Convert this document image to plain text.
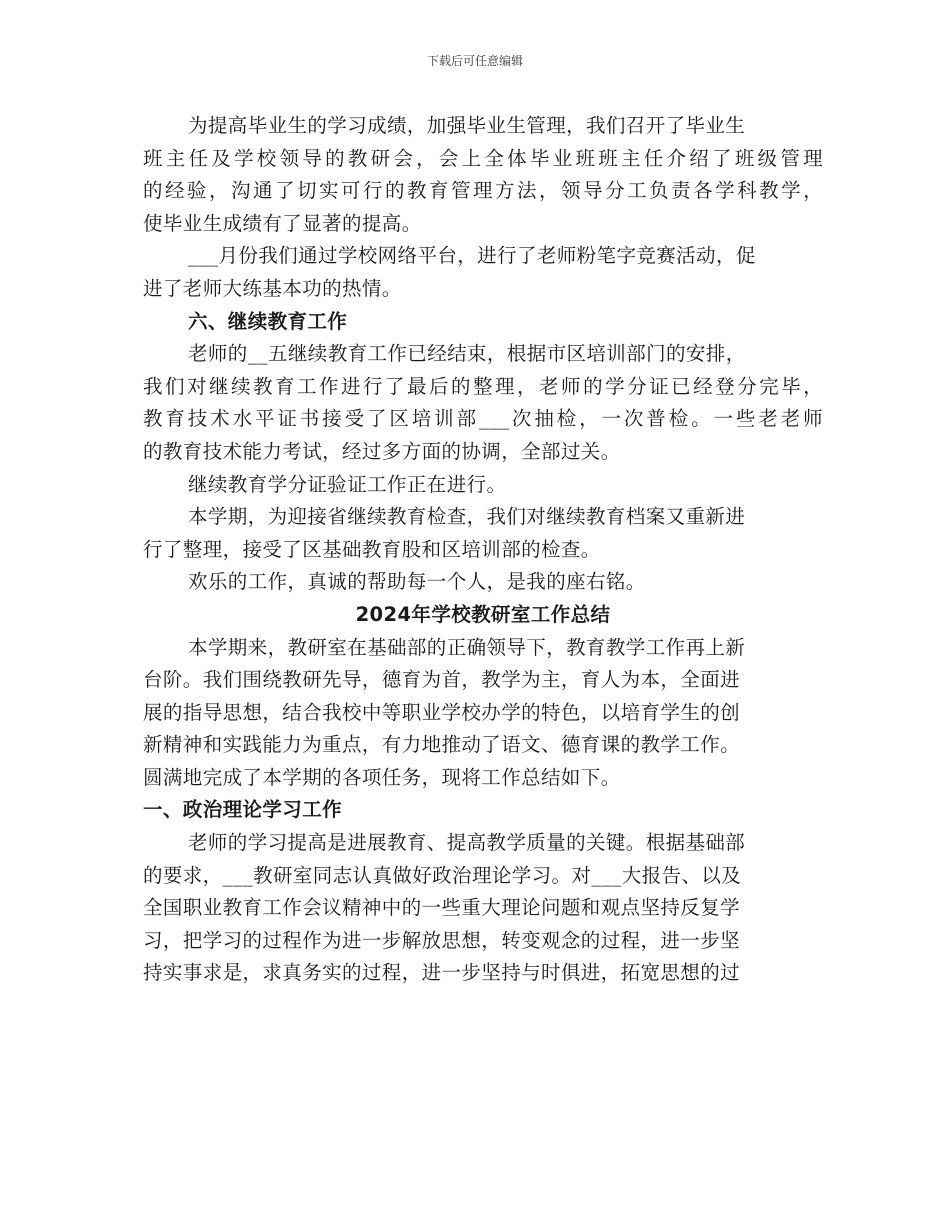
下载后可任意编辑
为提高毕业生的学习成绩，加强毕业生管理，我们召开了毕业生
班主任及学校领导的教研会，会上全体毕业班班主任介绍了班级管理
的经验，沟通了切实可行的教育管理方法，领导分工负责各学科教学，
使毕业生成绩有了显著的提高。
___月份我们通过学校网络平台，进行了老师粉笔字竞赛活动，促
进了老师大练基本功的热情。
六、继续教育工作
老师的__五继续教育工作已经结束，根据市区培训部门的安排，
我们对继续教育工作进行了最后的整理，老师的学分证已经登分完毕，
教育技术水平证书接受了区培训部___次抽检，一次普检。一些老老师
的教育技术能力考试，经过多方面的协调，全部过关。
继续教育学分证验证工作正在进行。
本学期，为迎接省继续教育检查，我们对继续教育档案又重新进
行了整理，接受了区基础教育股和区培训部的检查。
欢乐的工作，真诚的帮助每一个人，是我的座右铭。
2024年学校教研室工作总结
本学期来，教研室在基础部的正确领导下，教育教学工作再上新
台阶。我们围绕教研先导，德育为首，教学为主，育人为本，全面进
展的指导思想，结合我校中等职业学校办学的特色，以培育学生的创
新精神和实践能力为重点，有力地推动了语文、德育课的教学工作。
圆满地完成了本学期的各项任务，现将工作总结如下。
一、政治理论学习工作
老师的学习提高是进展教育、提高教学质量的关键。根据基础部
的要求，___教研室同志认真做好政治理论学习。对___大报告、以及
全国职业教育工作会议精神中的一些重大理论问题和观点坚持反复学
习，把学习的过程作为进一步解放思想，转变观念的过程，进一步坚
持实事求是，求真务实的过程，进一步坚持与时俱进，拓宽思想的过
